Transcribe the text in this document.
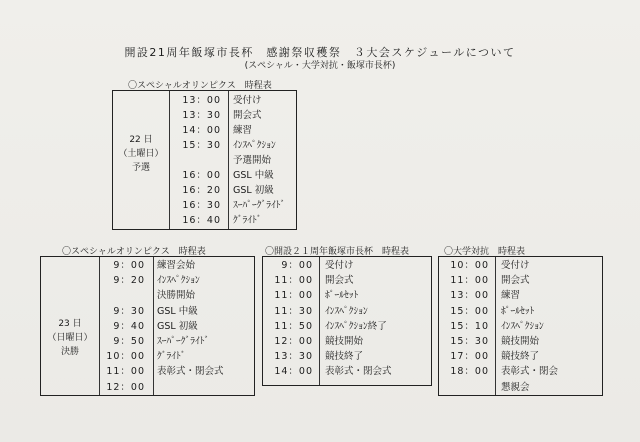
開設21周年飯塚市長杯　感謝祭収穫祭　３大会スケジュールについて
(スペシャル・大学対抗・飯塚市長杯)
〇スペシャルオリンピクス　時程表
22 日
（土曜日）
予選
13：00 受付け
13：30 開会式
14：00 練習
15：30 ｲﾝｽﾍﾟｸｼｮﾝ
予選開始
16：00 GSL 中級
16：20 GSL 初級
16：30 ｽｰﾊﾟｰｸﾞﾗｲﾄﾞ
16：40 ｸﾞﾗｲﾄﾞ
〇スペシャルオリンピクス　時程表
23 日
（日曜日）
決勝
9：00 練習会始
9：20 ｲﾝｽﾍﾟｸｼｮﾝ
決勝開始
9：30 GSL 中級
9：40 GSL 初級
9：50 ｽｰﾊﾟｰｸﾞﾗｲﾄﾞ
10：00 ｸﾞﾗｲﾄﾞ
11：00 表彰式・閉会式
12：00
〇開設２１周年飯塚市長杯　時程表
9：00 受付け
11：00 開会式
11：00 ﾎﾟｰﾙｾｯﾄ
11：30 ｲﾝｽﾍﾟｸｼｮﾝ
11：50 ｲﾝｽﾍﾟｸｼｮﾝ終了
12：00 競技開始
13：30 競技終了
14：00 表彰式・閉会式
〇大学対抗　時程表
10：00 受付け
11：00 開会式
13：00 練習
15：00 ﾎﾟｰﾙｾｯﾄ
15：10 ｲﾝｽﾍﾟｸｼｮﾝ
15：30 競技開始
17：00 競技終了
18：00 表彰式・閉会
懇親会
